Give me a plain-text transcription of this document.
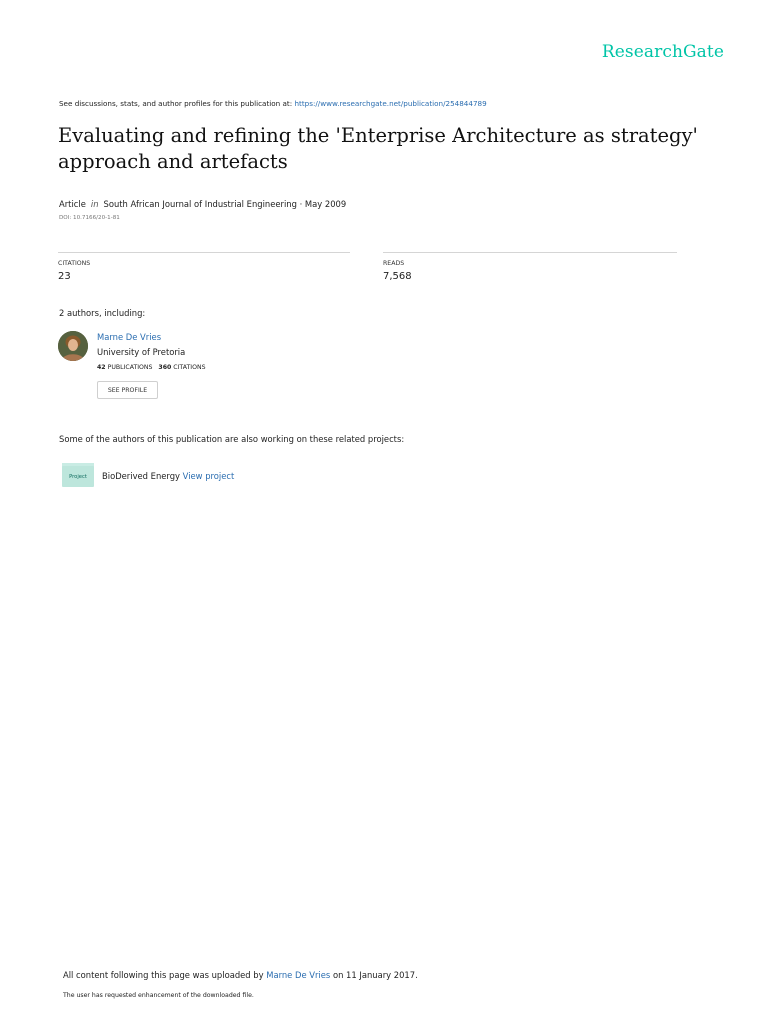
ResearchGate
See discussions, stats, and author profiles for this publication at: https://www.researchgate.net/publication/254844789
Evaluating and refining the 'Enterprise Architecture as strategy' approach and artefacts
Article in South African Journal of Industrial Engineering · May 2009
DOI: 10.7166/20-1-81
CITATIONS
23
READS
7,568
2 authors, including:
Marne De Vries
University of Pretoria
42 PUBLICATIONS 360 CITATIONS
SEE PROFILE
Some of the authors of this publication are also working on these related projects:
Project	BioDerived Energy View project
All content following this page was uploaded by Marne De Vries on 11 January 2017.
The user has requested enhancement of the downloaded file.
